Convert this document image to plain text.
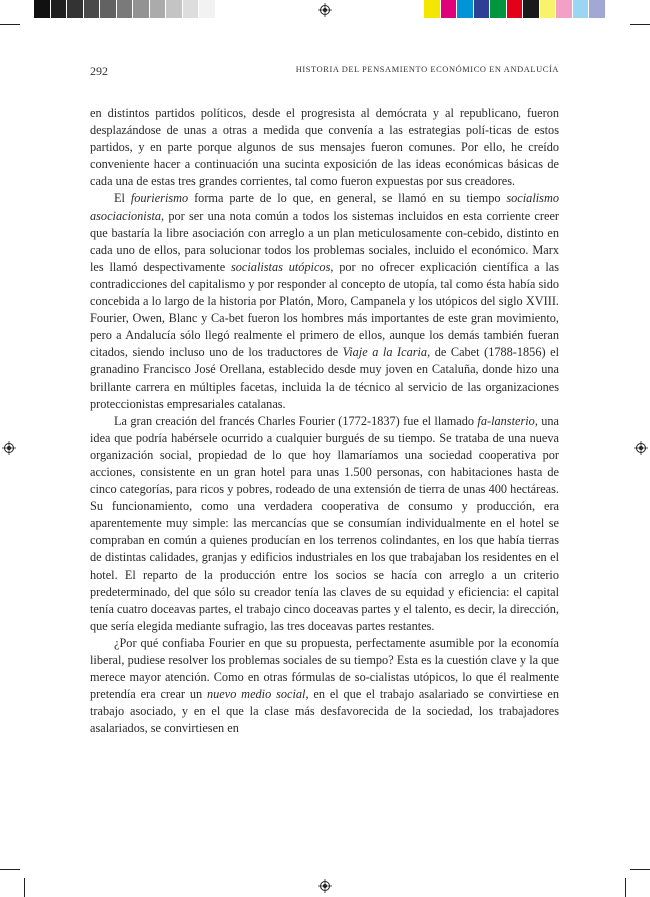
292	HISTORIA DEL PENSAMIENTO ECONÓMICO EN ANDALUCÍA

en distintos partidos políticos, desde el progresista al demócrata y al republicano, fueron desplazándose de unas a otras a medida que convenía a las estrategias polí-ticas de estos partidos, y en parte porque algunos de sus mensajes fueron comunes. Por ello, he creído conveniente hacer a continuación una sucinta exposición de las ideas económicas básicas de cada una de estas tres grandes corrientes, tal como fueron expuestas por sus creadores.

El fourierismo forma parte de lo que, en general, se llamó en su tiempo socialismo asociacionista, por ser una nota común a todos los sistemas incluidos en esta corriente creer que bastaría la libre asociación con arreglo a un plan meticulosamente con-cebido, distinto en cada uno de ellos, para solucionar todos los problemas sociales, incluido el económico. Marx les llamó despectivamente socialistas utópicos, por no ofrecer explicación científica a las contradicciones del capitalismo y por responder al concepto de utopía, tal como ésta había sido concebida a lo largo de la historia por Platón, Moro, Campanela y los utópicos del siglo XVIII. Fourier, Owen, Blanc y Ca-bet fueron los hombres más importantes de este gran movimiento, pero a Andalucía sólo llegó realmente el primero de ellos, aunque los demás también fueran citados, siendo incluso uno de los traductores de Viaje a la Icaria, de Cabet (1788-1856) el granadino Francisco José Orellana, establecido desde muy joven en Cataluña, donde hizo una brillante carrera en múltiples facetas, incluida la de técnico al servicio de las organizaciones proteccionistas empresariales catalanas.

La gran creación del francés Charles Fourier (1772-1837) fue el llamado fa-lansterio, una idea que podría habérsele ocurrido a cualquier burgués de su tiempo. Se trataba de una nueva organización social, propiedad de lo que hoy llamaríamos una sociedad cooperativa por acciones, consistente en un gran hotel para unas 1.500 personas, con habitaciones hasta de cinco categorías, para ricos y pobres, rodeado de una extensión de tierra de unas 400 hectáreas. Su funcionamiento, como una verdadera cooperativa de consumo y producción, era aparentemente muy simple: las mercancías que se consumían individualmente en el hotel se compraban en común a quienes producían en los terrenos colindantes, en los que había tierras de distintas calidades, granjas y edificios industriales en los que trabajaban los residentes en el hotel. El reparto de la producción entre los socios se hacía con arreglo a un criterio predeterminado, del que sólo su creador tenía las claves de su equidad y eficiencia: el capital tenía cuatro doceavas partes, el trabajo cinco doceavas partes y el talento, es decir, la dirección, que sería elegida mediante sufragio, las tres doceavas partes restantes.

¿Por qué confiaba Fourier en que su propuesta, perfectamente asumible por la economía liberal, pudiese resolver los problemas sociales de su tiempo? Esta es la cuestión clave y la que merece mayor atención. Como en otras fórmulas de so-cialistas utópicos, lo que él realmente pretendía era crear un nuevo medio social, en el que el trabajo asalariado se convirtiese en trabajo asociado, y en el que la clase más desfavorecida de la sociedad, los trabajadores asalariados, se convirtiesen en
